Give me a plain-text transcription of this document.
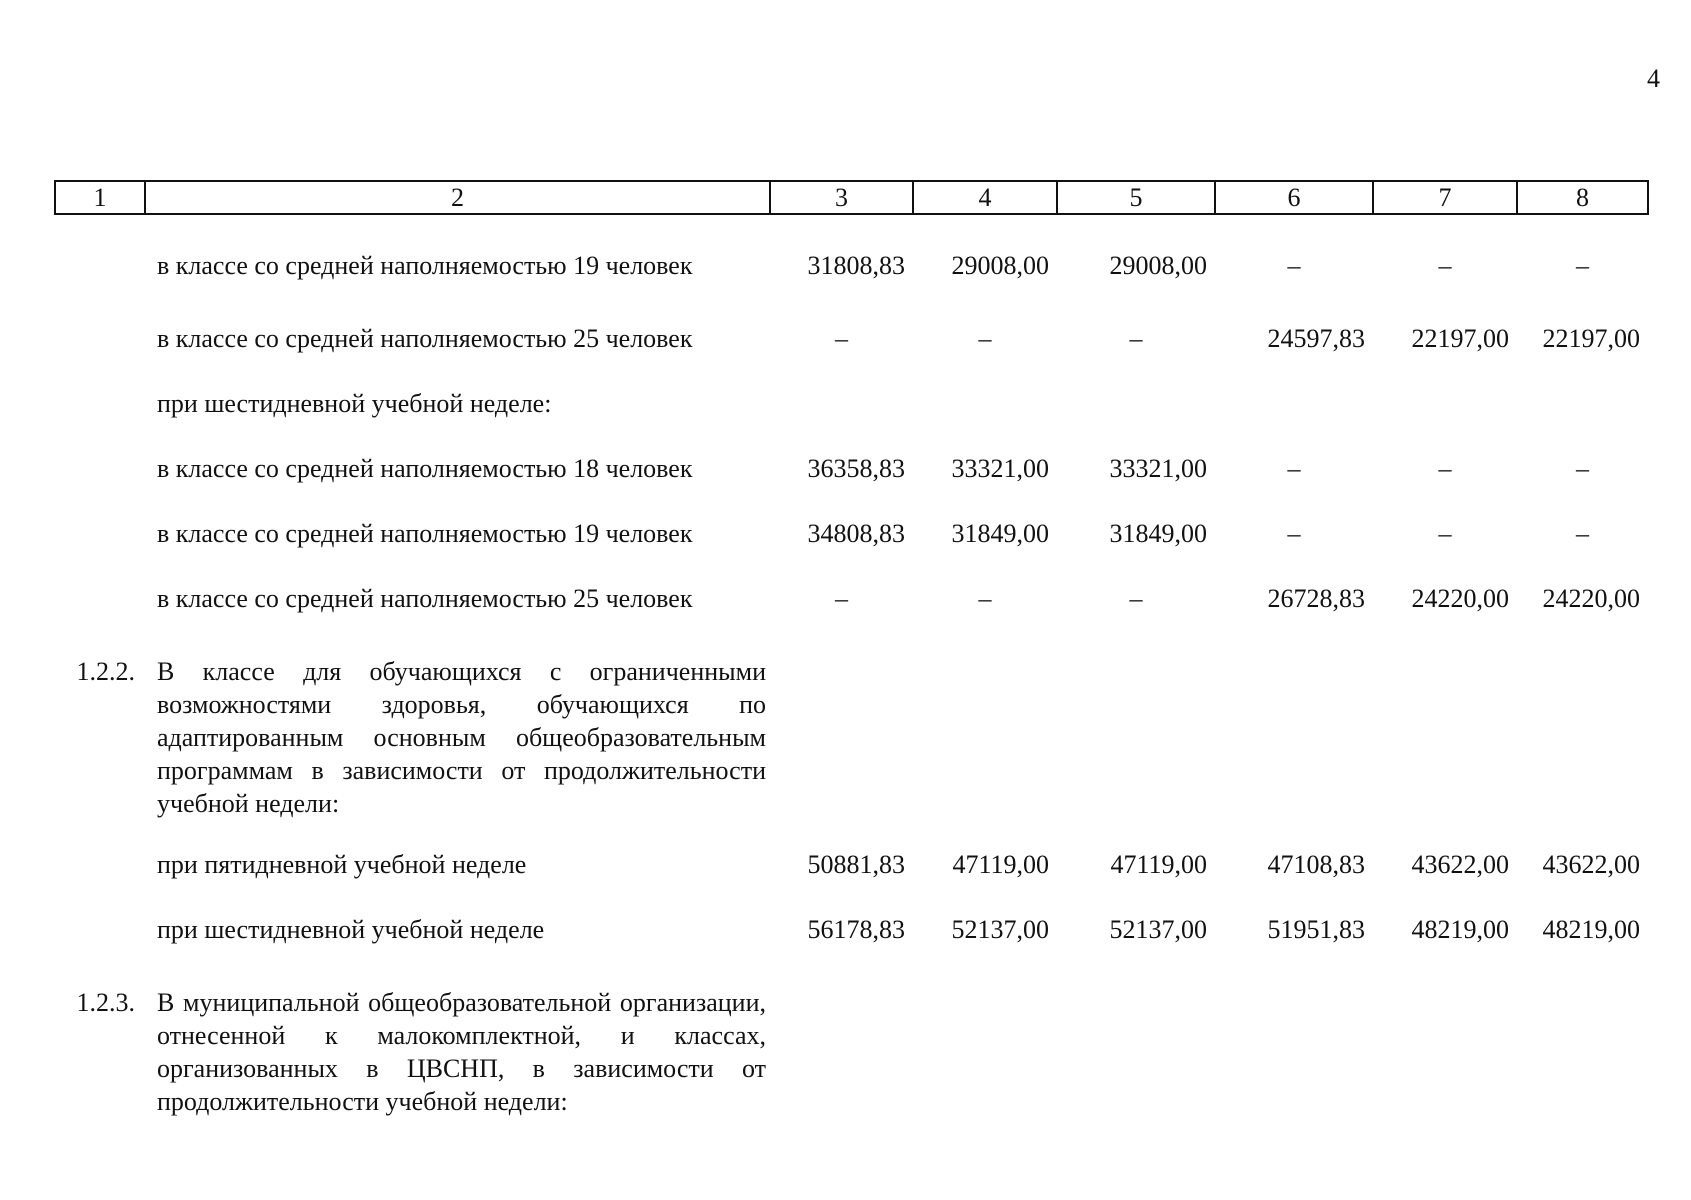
4
1	2	3	4	5	6	7	8
	в классе со средней наполняемостью 19 человек	31808,83	29008,00	29008,00	–	–	–
	в классе со средней наполняемостью 25 человек	–	–	–	24597,83	22197,00	22197,00
	при шестидневной учебной неделе:						
	в классе со средней наполняемостью 18 человек	36358,83	33321,00	33321,00	–	–	–
	в классе со средней наполняемостью 19 человек	34808,83	31849,00	31849,00	–	–	–
	в классе со средней наполняемостью 25 человек	–	–	–	26728,83	24220,00	24220,00
1.2.2.	В классе для обучающихся с ограниченными возможностями здоровья, обучающихся по адаптированным основным общеобразовательным программам в зависимости от продолжительности учебной недели:						
	при пятидневной учебной неделе	50881,83	47119,00	47119,00	47108,83	43622,00	43622,00
	при шестидневной учебной неделе	56178,83	52137,00	52137,00	51951,83	48219,00	48219,00
1.2.3.	В муниципальной общеобразовательной организации, отнесенной к малокомплектной, и классах, организованных в ЦВСНП, в зависимости от продолжительности учебной недели:						
